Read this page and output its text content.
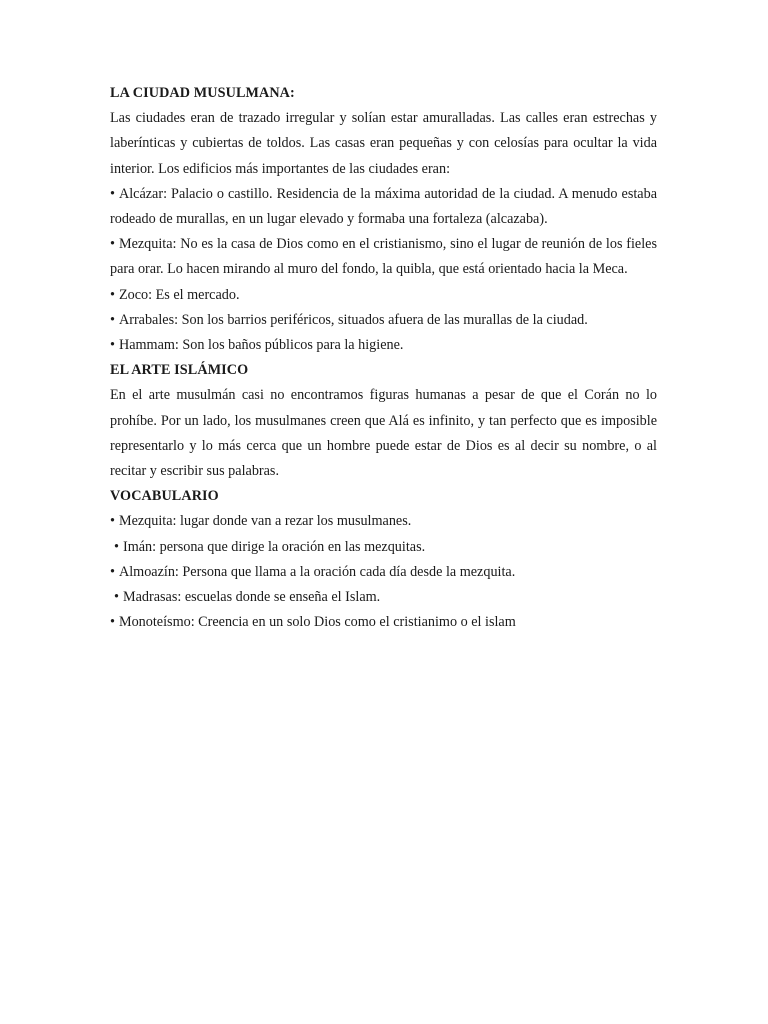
LA CIUDAD MUSULMANA:

Las ciudades eran de trazado irregular y solían estar amuralladas. Las calles eran estrechas y laberínticas y cubiertas de toldos. Las casas eran pequeñas y con celosías para ocultar la vida interior. Los edificios más importantes de las ciudades eran:

• Alcázar: Palacio o castillo. Residencia de la máxima autoridad de la ciudad. A menudo estaba rodeado de murallas, en un lugar elevado y formaba una fortaleza (alcazaba).

• Mezquita: No es la casa de Dios como en el cristianismo, sino el lugar de reunión de los fieles para orar. Lo hacen mirando al muro del fondo, la quibla, que está orientado hacia la Meca.

• Zoco: Es el mercado.

• Arrabales: Son los barrios periféricos, situados afuera de las murallas de la ciudad.

• Hammam: Son los baños públicos para la higiene.

EL ARTE ISLÁMICO

En el arte musulmán casi no encontramos figuras humanas a pesar de que el Corán no lo prohíbe. Por un lado, los musulmanes creen que Alá es infinito, y tan perfecto que es imposible representarlo y lo más cerca que un hombre puede estar de Dios es al decir su nombre, o al recitar y escribir sus palabras.

VOCABULARIO

• Mezquita: lugar donde van a rezar los musulmanes.

• Imán: persona que dirige la oración en las mezquitas.

• Almoazín: Persona que llama a la oración cada día desde la mezquita.

• Madrasas: escuelas donde se enseña el Islam.

• Monoteísmo: Creencia en un solo Dios como el cristianimo o el islam
